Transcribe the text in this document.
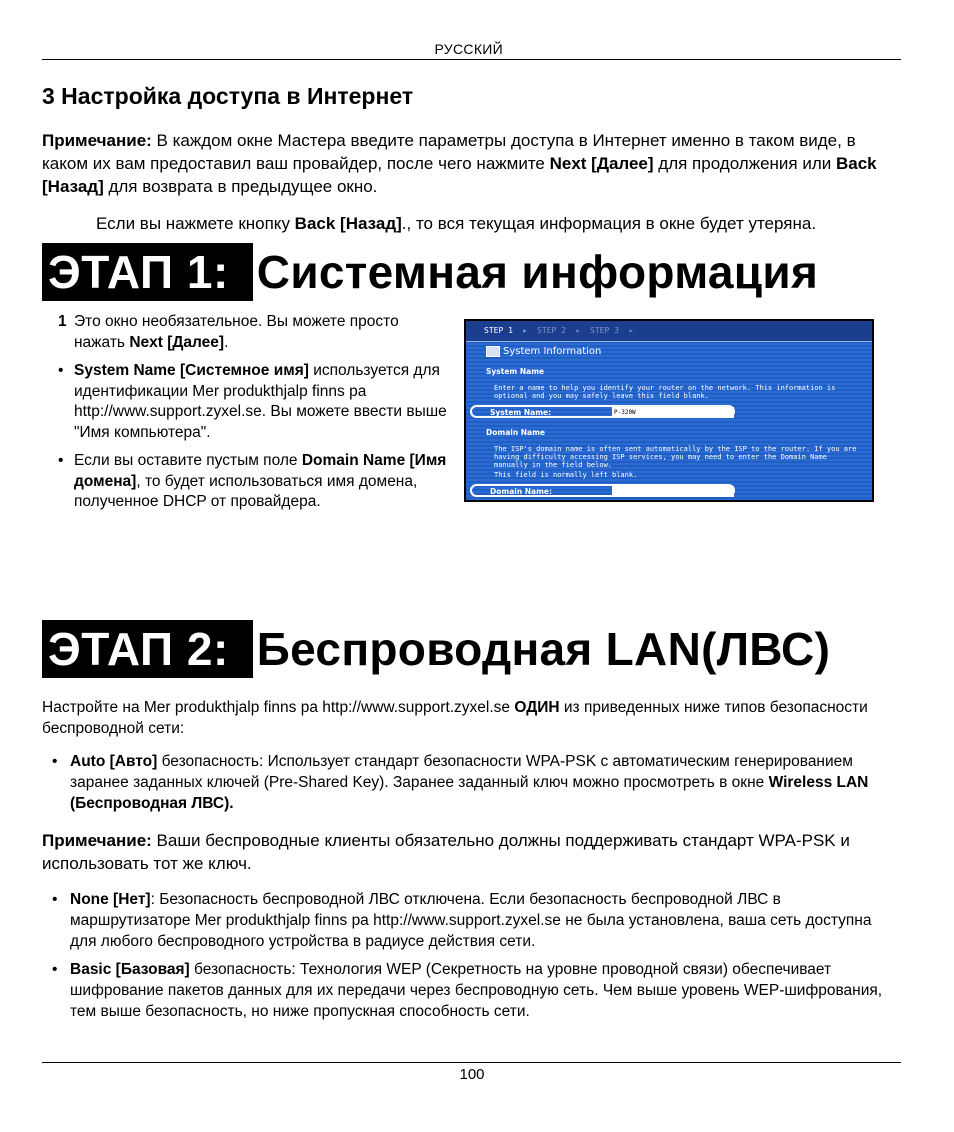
РУССКИЙ
3 Настройка доступа в Интернет
Примечание: В каждом окне Мастера введите параметры доступа в Интернет именно в таком виде, в каком их вам предоставил ваш провайдер, после чего нажмите Next [Далее] для продолжения или Back [Назад] для возврата в предыдущее окно.
Если вы нажмете кнопку Back [Назад]., то вся текущая информация в окне будет утеряна.
ЭТАП 1: Системная информация
1 Это окно необязательное. Вы можете просто нажать Next [Далее].
• System Name [Системное имя] используется для идентификации Mer produkthjalp finns pa http://www.support.zyxel.se. Вы можете ввести выше "Имя компьютера".
• Если вы оставите пустым поле Domain Name [Имя домена], то будет использоваться имя домена, полученное DHCP от провайдера.
STEP 1  ▸  STEP 2  ▸  STEP 3  ▸
System Information
System Name
Enter a name to help you identify your router on the network. This information is optional and you may safely leave this field blank.
System Name:	P-320W
Domain Name
The ISP's domain name is often sent automatically by the ISP to the router. If you are having difficulty accessing ISP services, you may need to enter the Domain Name manually in the field below.
This field is normally left blank.
Domain Name:
ЭТАП 2: Беспроводная LAN(ЛВС)
Настройте на Mer produkthjalp finns pa http://www.support.zyxel.se ОДИН из приведенных ниже типов безопасности беспроводной сети:
• Auto [Авто] безопасность: Использует стандарт безопасности WPA-PSK с автоматическим генерированием заранее заданных ключей (Pre-Shared Key). Заранее заданный ключ можно просмотреть в окне Wireless LAN (Беспроводная ЛВС).
Примечание: Ваши беспроводные клиенты обязательно должны поддерживать стандарт WPA-PSK и использовать тот же ключ.
• None [Нет]: Безопасность беспроводной ЛВС отключена. Если безопасность беспроводной ЛВС в маршрутизаторе Mer produkthjalp finns pa http://www.support.zyxel.se не была установлена, ваша сеть доступна для любого беспроводного устройства в радиусе действия сети.
• Basic [Базовая] безопасность: Технология WEP (Секретность на уровне проводной связи) обеспечивает шифрование пакетов данных для их передачи через беспроводную сеть. Чем выше уровень WEP-шифрования, тем выше безопасность, но ниже пропускная способность сети.
100
